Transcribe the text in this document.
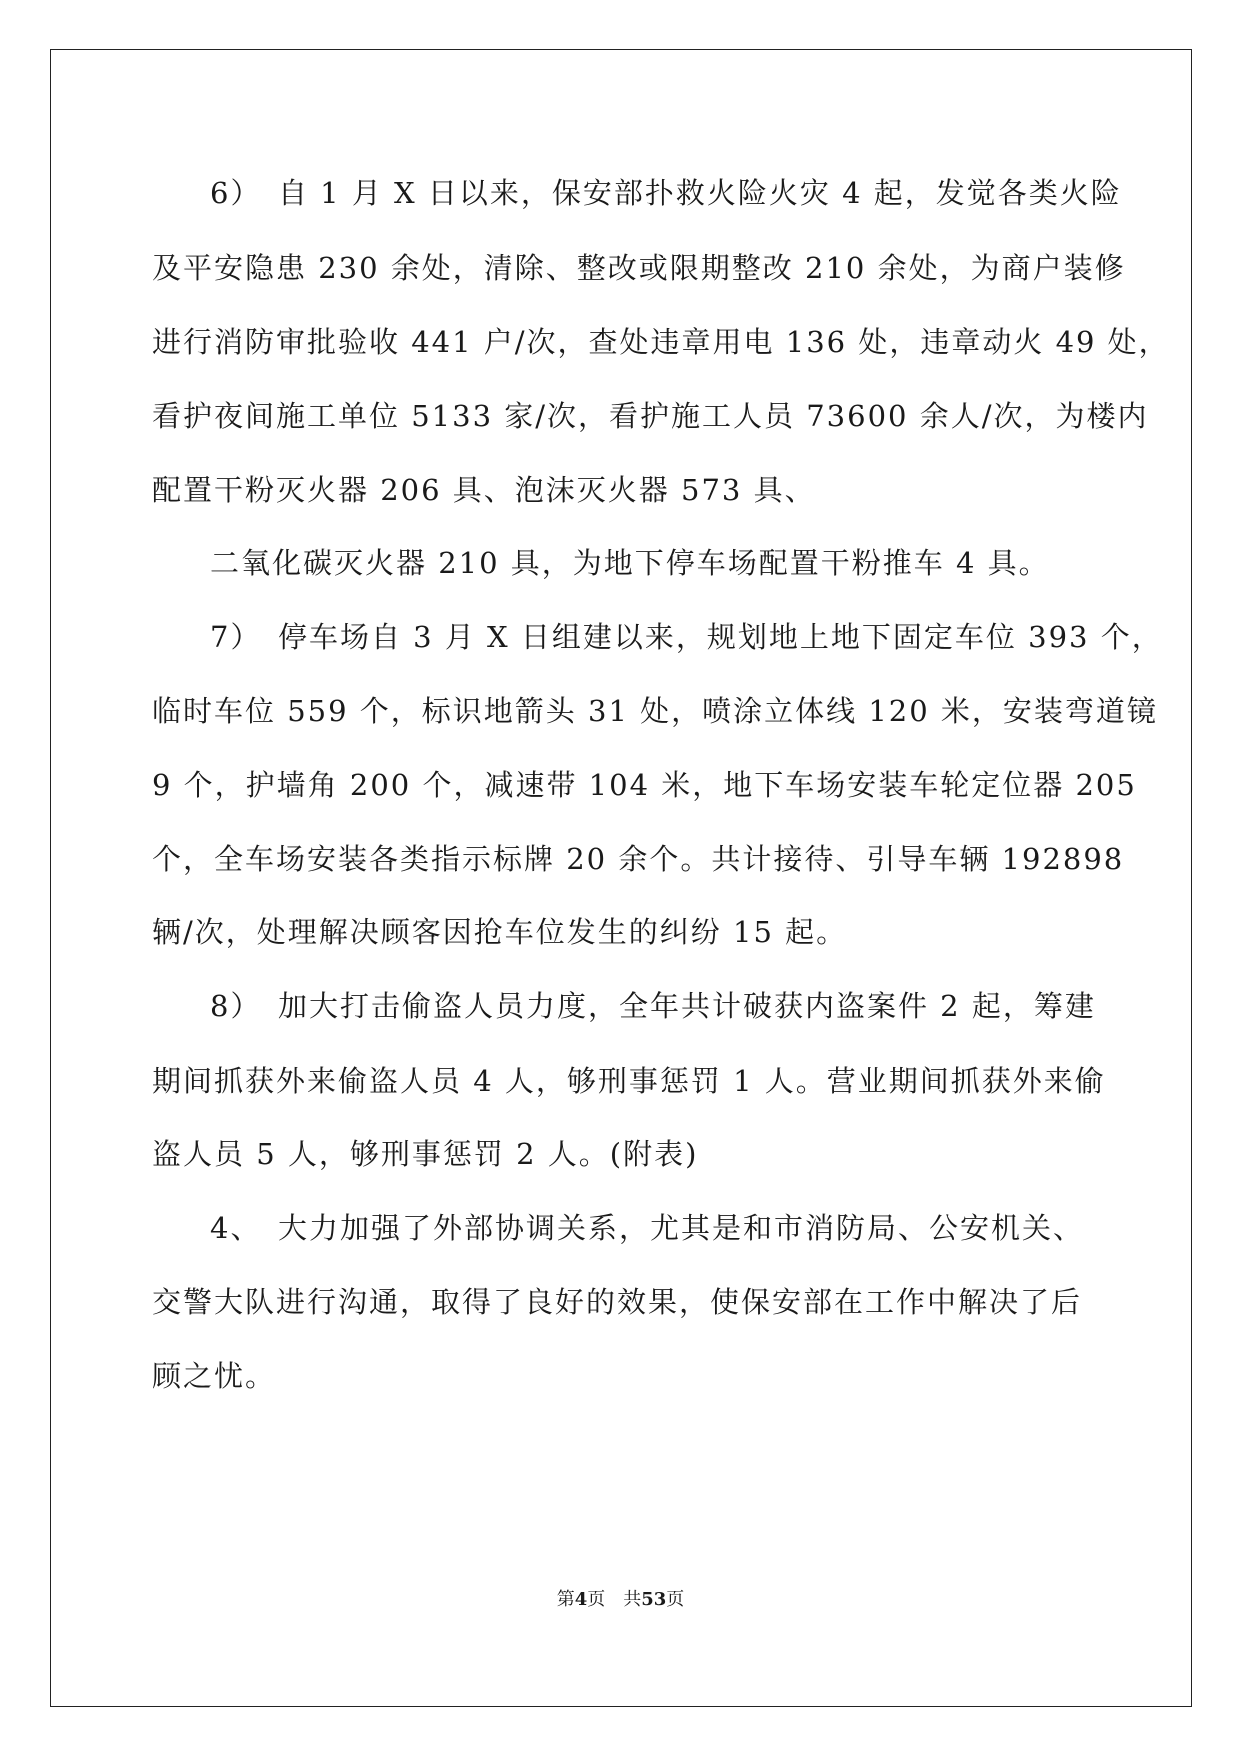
6）　自 1 月 X 日以来，保安部扑救火险火灾 4 起，发觉各类火险
及平安隐患 230 余处，清除、整改或限期整改 210 余处，为商户装修
进行消防审批验收 441 户/次，查处违章用电 136 处，违章动火 49 处，
看护夜间施工单位 5133 家/次，看护施工人员 73600 余人/次，为楼内
配置干粉灭火器 206 具、泡沫灭火器 573 具、
二氧化碳灭火器 210 具，为地下停车场配置干粉推车 4 具。
7）　停车场自 3 月 X 日组建以来，规划地上地下固定车位 393 个，
临时车位 559 个，标识地箭头 31 处，喷涂立体线 120 米，安装弯道镜
9 个，护墙角 200 个，减速带 104 米，地下车场安装车轮定位器 205
个，全车场安装各类指示标牌 20 余个。共计接待、引导车辆 192898
辆/次，处理解决顾客因抢车位发生的纠纷 15 起。
8）　加大打击偷盗人员力度，全年共计破获内盗案件 2 起，筹建
期间抓获外来偷盗人员 4 人，够刑事惩罚 1 人。营业期间抓获外来偷
盗人员 5 人，够刑事惩罚 2 人。(附表)
4、　大力加强了外部协调关系，尤其是和市消防局、公安机关、
交警大队进行沟通，取得了良好的效果，使保安部在工作中解决了后
顾之忧。
第4页 共53页
